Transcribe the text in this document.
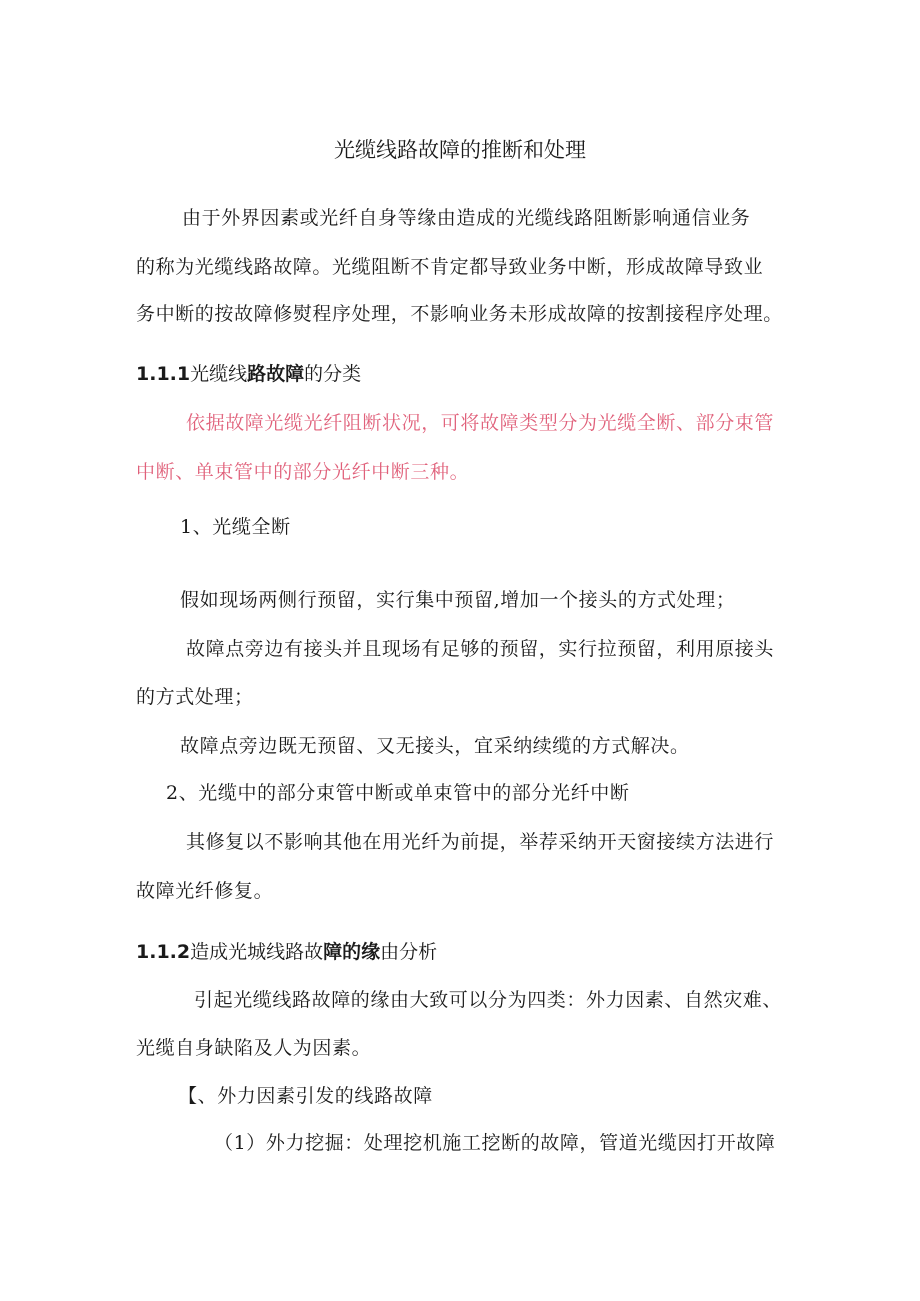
光缆线路故障的推断和处理
由于外界因素或光纤自身等缘由造成的光缆线路阻断影响通信业务
的称为光缆线路故障。光缆阻断不肯定都导致业务中断，形成故障导致业
务中断的按故障修熨程序处理，不影响业务未形成故障的按割接程序处理。
1.1.1光缆线路故障的分类
依据故障光缆光纤阻断状况，可将故障类型分为光缆全断、部分束管
中断、单束管中的部分光纤中断三种。
1、光缆全断
假如现场两侧行预留，实行集中预留,增加一个接头的方式处理；
故障点旁边有接头并且现场有足够的预留，实行拉预留，利用原接头
的方式处理；
故障点旁边既无预留、又无接头，宜采纳续缆的方式解决。
2、光缆中的部分束管中断或单束管中的部分光纤中断
其修复以不影响其他在用光纤为前提，举荐采纳开天窗接续方法进行
故障光纤修复。
1.1.2造成光城线路故障的缘由分析
引起光缆线路故障的缘由大致可以分为四类：外力因素、自然灾难、
光缆自身缺陷及人为因素。
【、外力因素引发的线路故障
（1）外力挖掘：处理挖机施工挖断的故障，管道光缆因打开故障
